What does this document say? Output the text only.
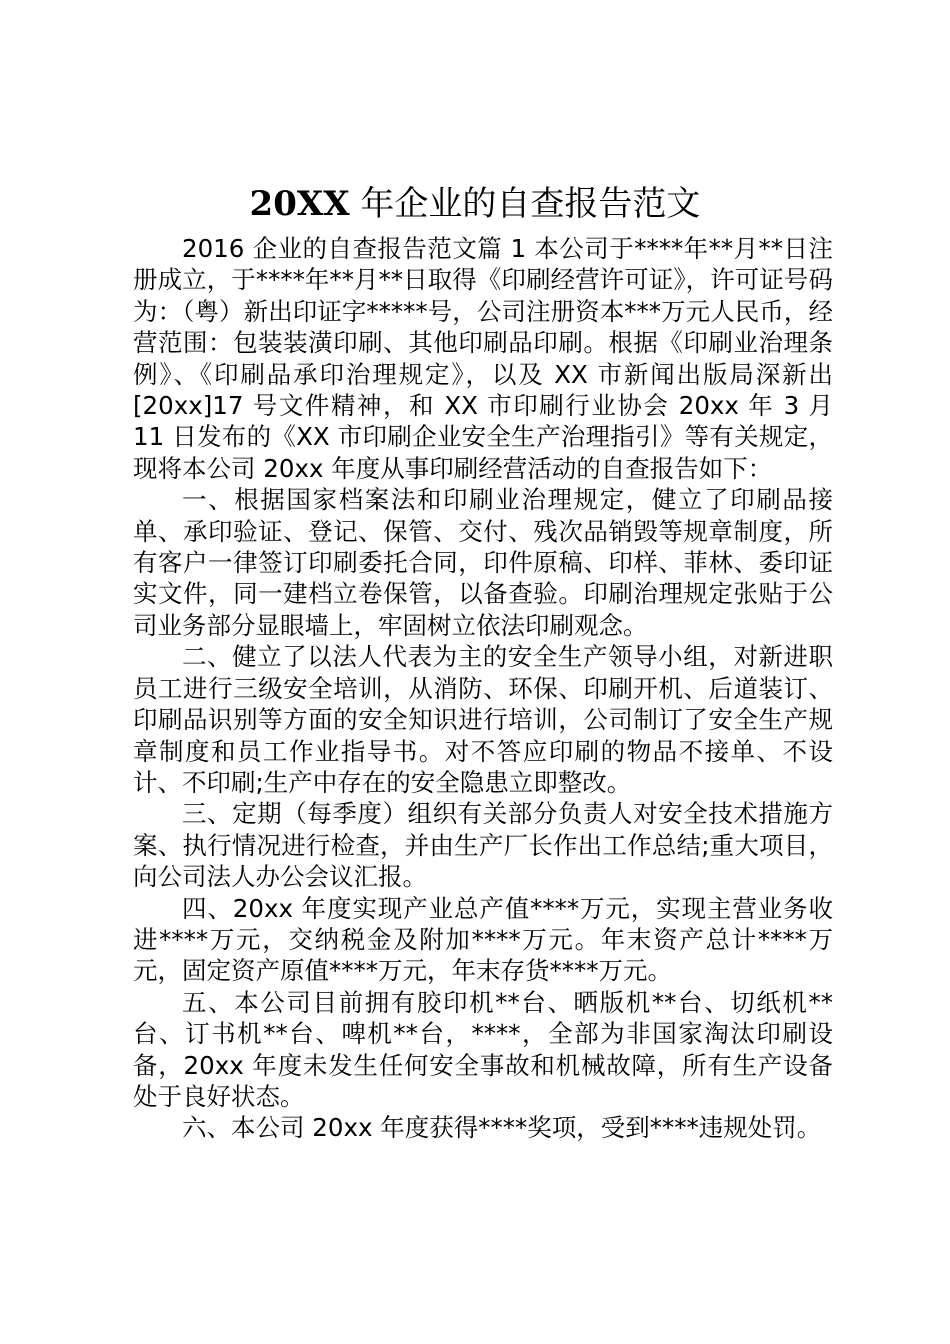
20XX 年企业的自查报告范文

2016 企业的自查报告范文篇 1 本公司于****年**月**日注册成立，于****年**月**日取得《印刷经营许可证》，许可证号码为：（粤）新出印证字*****号，公司注册资本***万元人民币，经营范围：包装装潢印刷、其他印刷品印刷。根据《印刷业治理条例》、《印刷品承印治理规定》，以及 XX 市新闻出版局深新出[20xx]17 号文件精神，和 XX 市印刷行业协会 20xx 年 3 月 11 日发布的《XX 市印刷企业安全生产治理指引》等有关规定，现将本公司 20xx 年度从事印刷经营活动的自查报告如下：

一、根据国家档案法和印刷业治理规定，健立了印刷品接单、承印验证、登记、保管、交付、残次品销毁等规章制度，所有客户一律签订印刷委托合同，印件原稿、印样、菲林、委印证实文件，同一建档立卷保管，以备查验。印刷治理规定张贴于公司业务部分显眼墙上，牢固树立依法印刷观念。

二、健立了以法人代表为主的安全生产领导小组，对新进职员工进行三级安全培训，从消防、环保、印刷开机、后道装订、印刷品识别等方面的安全知识进行培训，公司制订了安全生产规章制度和员工作业指导书。对不答应印刷的物品不接单、不设计、不印刷;生产中存在的安全隐患立即整改。

三、定期（每季度）组织有关部分负责人对安全技术措施方案、执行情况进行检查，并由生产厂长作出工作总结;重大项目，向公司法人办公会议汇报。

四、20xx 年度实现产业总产值****万元，实现主营业务收进****万元，交纳税金及附加****万元。年末资产总计****万元，固定资产原值****万元，年末存货****万元。

五、本公司目前拥有胶印机**台、晒版机**台、切纸机**台、订书机**台、啤机**台，****，全部为非国家淘汰印刷设备，20xx 年度未发生任何安全事故和机械故障，所有生产设备处于良好状态。

六、本公司 20xx 年度获得****奖项，受到****违规处罚。
